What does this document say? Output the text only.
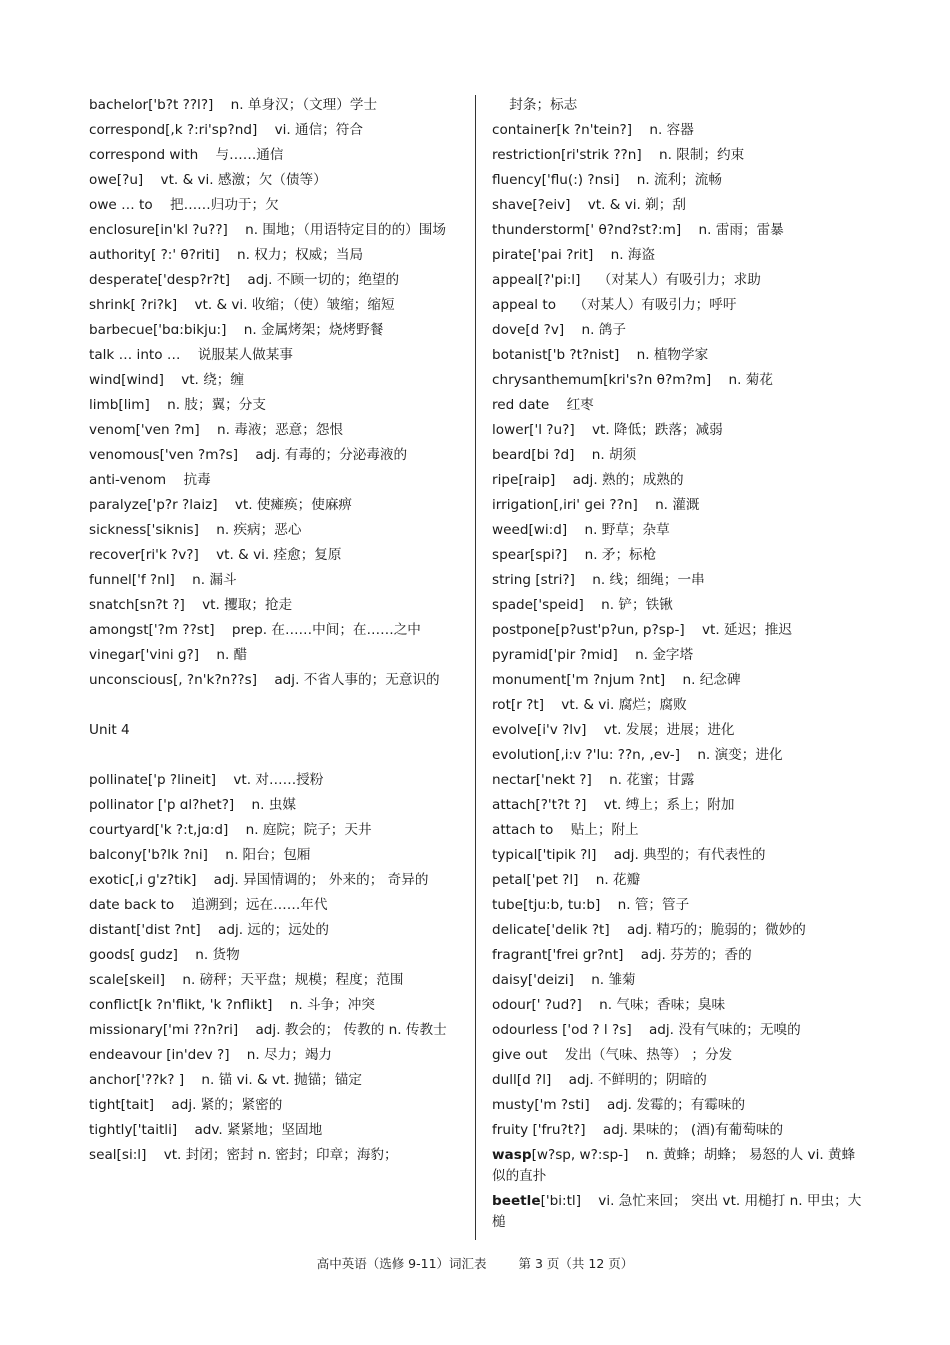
bachelor['b?t ??l?] n. 单身汉；（文理）学士
correspond[,k ?:ri'sp?nd] vi. 通信；符合
correspond with 与……通信
owe[?u] vt. & vi. 感激；欠（债等）
owe … to 把……归功于；欠
enclosure[in'kl ?u??] n. 围地；（用语特定目的的）围场
authority[ ?:' θ?riti] n. 权力；权威；当局
desperate['desp?r?t] adj. 不顾一切的；绝望的
shrink[ ?ri?k] vt. & vi. 收缩；（使）皱缩；缩短
barbecue['bɑ:bikju:] n. 金属烤架；烧烤野餐
talk … into … 说服某人做某事
wind[wind] vt. 绕；缠
limb[lim] n. 肢；翼；分支
venom['ven ?m] n. 毒液；恶意；怨恨
venomous['ven ?m?s] adj. 有毒的；分泌毒液的
anti-venom 抗毒
paralyze['p?r ?laiz] vt. 使瘫痪；使麻痹
sickness['siknis] n. 疾病；恶心
recover[ri'k ?v?] vt. & vi. 痊愈；复原
funnel['f ?nl] n. 漏斗
snatch[sn?t ?] vt. 攫取；抢走
amongst['?m ??st] prep. 在……中间；在……之中
vinegar['vini ɡ?] n. 醋
unconscious[, ?n'k?n??s] adj. 不省人事的；无意识的
Unit 4
pollinate['p ?lineit] vt. 对……授粉
pollinator ['p ɑl?het?] n. 虫媒
courtyard['k ?:t,jɑ:d] n. 庭院；院子；天井
balcony['b?lk ?ni] n. 阳台；包厢
exotic[,i ɡ'z?tik] adj. 异国情调的； 外来的； 奇异的
date back to 追溯到；远在……年代
distant['dist ?nt] adj. 远的；远处的
goods[ ɡudz] n. 货物
scale[skeil] n. 磅秤；天平盘；规模；程度；范围
conflict[k ?n'flikt, 'k ?nflikt] n. 斗争；冲突
missionary['mi ??n?ri] adj. 教会的； 传教的 n. 传教士
endeavour [in'dev ?] n. 尽力；竭力
anchor['??k? ] n. 锚 vi. & vt. 抛锚；锚定
tight[tait] adj. 紧的；紧密的
tightly['taitli] adv. 紧紧地；坚固地
seal[si:l] vt. 封闭；密封 n. 密封；印章；海豹；
封条；标志
container[k ?n'tein?] n. 容器
restriction[ri'strik ??n] n. 限制；约束
fluency['flu(:) ?nsi] n. 流利；流畅
shave[?eiv] vt. & vi. 剃；刮
thunderstorm[' θ?nd?st?:m] n. 雷雨；雷暴
pirate['pai ?rit] n. 海盗
appeal[?'pi:l] （对某人）有吸引力；求助
appeal to （对某人）有吸引力；呼吁
dove[d ?v] n. 鸽子
botanist['b ?t?nist] n. 植物学家
chrysanthemum[kri's?n θ?m?m] n. 菊花
red date 红枣
lower['l ?u?] vt. 降低；跌落；减弱
beard[bi ?d] n. 胡须
ripe[raip] adj. 熟的；成熟的
irrigation[,iri' ɡei ??n] n. 灌溉
weed[wi:d] n. 野草；杂草
spear[spi?] n. 矛；标枪
string [stri?] n. 线；细绳；一串
spade['speid] n. 铲；铁锹
postpone[p?ust'p?un, p?sp-] vt. 延迟；推迟
pyramid['pir ?mid] n. 金字塔
monument['m ?njum ?nt] n. 纪念碑
rot[r ?t] vt. & vi. 腐烂；腐败
evolve[i'v ?lv] vt. 发展；进展；进化
evolution[,i:v ?'lu: ??n, ,ev-] n. 演变；进化
nectar['nekt ?] n. 花蜜；甘露
attach[?'t?t ?] vt. 缚上；系上；附加
attach to 贴上；附上
typical['tipik ?l] adj. 典型的；有代表性的
petal['pet ?l] n. 花瓣
tube[tju:b, tu:b] n. 管；管子
delicate['delik ?t] adj. 精巧的；脆弱的；微妙的
fragrant['frei ɡr?nt] adj. 芬芳的；香的
daisy['deizi] n. 雏菊
odour[' ?ud?] n. 气味；香味；臭味
odourless ['od ? l ?s] adj. 没有气味的；无嗅的
give out 发出（气味、热等） ；分发
dull[d ?l] adj. 不鲜明的；阴暗的
musty['m ?sti] adj. 发霉的；有霉味的
fruity ['fru?t?] adj. 果味的； (酒)有葡萄味的
wasp[w?sp, w?:sp-] n. 黄蜂；胡蜂； 易怒的人 vi. 黄蜂似的直扑
beetle['bi:tl] vi. 急忙来回； 突出 vt. 用槌打 n. 甲虫；大槌
高中英语（选修 9-11）词汇表	第 3 页（共 12 页）
